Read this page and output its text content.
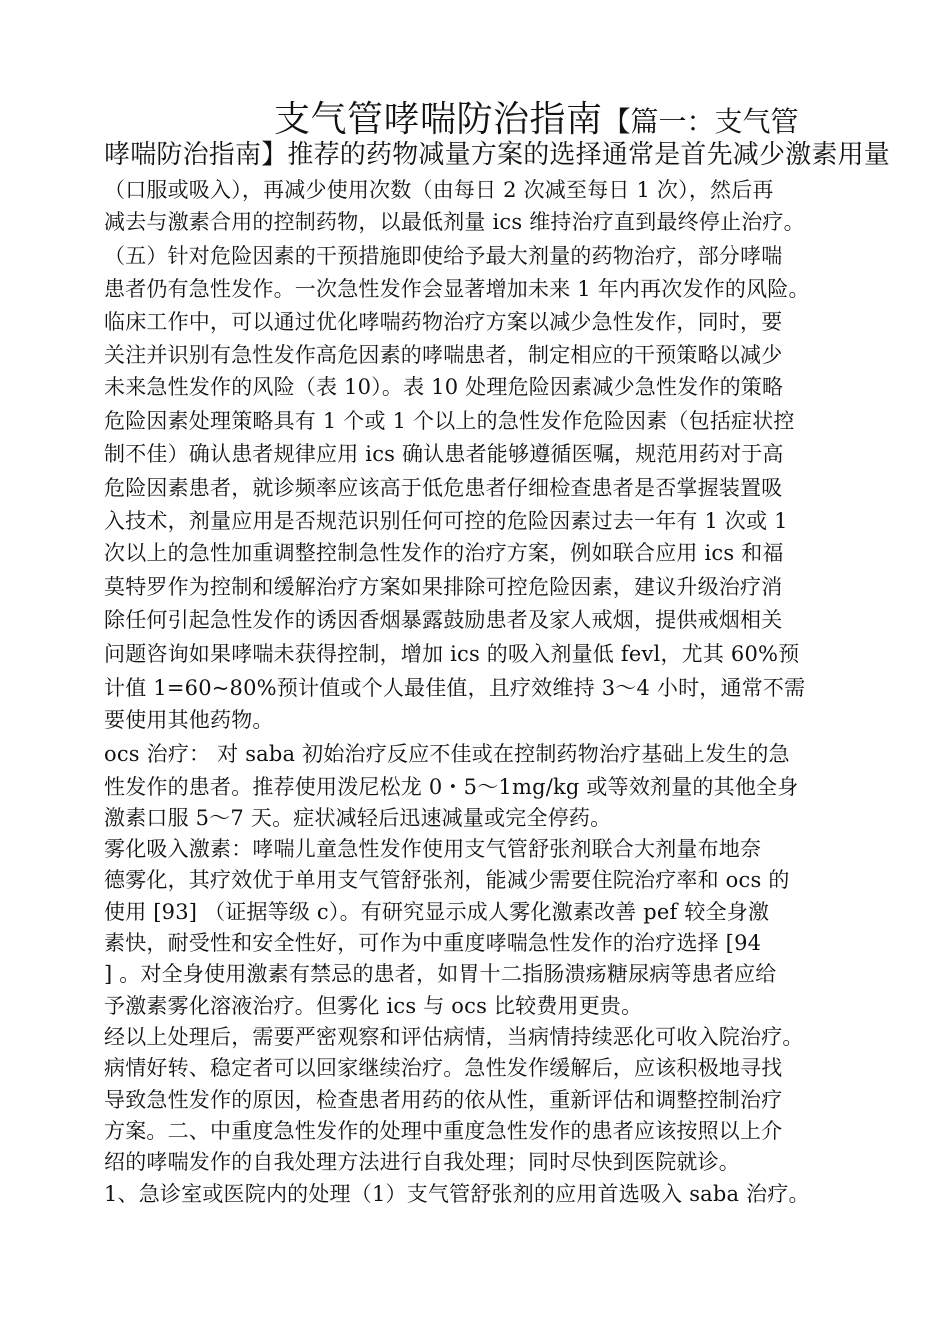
支气管哮喘防治指南【篇一：支气管
哮喘防治指南】推荐的药物减量方案的选择通常是首先减少激素用量
（口服或吸入），再减少使用次数（由每日 2 次减至每日 1 次），然后再
减去与激素合用的控制药物，以最低剂量 ics 维持治疗直到最终停止治疗。
（五）针对危险因素的干预措施即使给予最大剂量的药物治疗，部分哮喘
患者仍有急性发作。一次急性发作会显著增加未来 1 年内再次发作的风险。
临床工作中，可以通过优化哮喘药物治疗方案以减少急性发作，同时，要
关注并识别有急性发作高危因素的哮喘患者，制定相应的干预策略以减少
未来急性发作的风险（表 10）。表 10 处理危险因素减少急性发作的策略
危险因素处理策略具有 1 个或 1 个以上的急性发作危险因素（包括症状控
制不佳）确认患者规律应用 ics 确认患者能够遵循医嘱，规范用药对于高
危险因素患者，就诊频率应该高于低危患者仔细检查患者是否掌握装置吸
入技术，剂量应用是否规范识别任何可控的危险因素过去一年有 1 次或 1
次以上的急性加重调整控制急性发作的治疗方案，例如联合应用 ics 和福
莫特罗作为控制和缓解治疗方案如果排除可控危险因素，建议升级治疗消
除任何引起急性发作的诱因香烟暴露鼓励患者及家人戒烟，提供戒烟相关
问题咨询如果哮喘未获得控制，增加 ics 的吸入剂量低 fevl，尤其 60%预
计值 1=60~80%预计值或个人最佳值，且疗效维持 3～4 小时，通常不需
要使用其他药物。
ocs 治疗： 对 saba 初始治疗反应不佳或在控制药物治疗基础上发生的急
性发作的患者。推荐使用泼尼松龙 0・5～1mg/kg 或等效剂量的其他全身
激素口服 5～7 天。症状减轻后迅速减量或完全停药。
雾化吸入激素：哮喘儿童急性发作使用支气管舒张剂联合大剂量布地奈
德雾化，其疗效优于单用支气管舒张剂，能减少需要住院治疗率和 ocs 的
使用 [93] （证据等级 c）。有研究显示成人雾化激素改善 pef 较全身激
素快，耐受性和安全性好，可作为中重度哮喘急性发作的治疗选择 [94
] 。对全身使用激素有禁忌的患者，如胃十二指肠溃疡糖尿病等患者应给
予激素雾化溶液治疗。但雾化 ics 与 ocs 比较费用更贵。
经以上处理后，需要严密观察和评估病情，当病情持续恶化可收入院治疗。
病情好转、稳定者可以回家继续治疗。急性发作缓解后，应该积极地寻找
导致急性发作的原因，检查患者用药的依从性，重新评估和调整控制治疗
方案。二、中重度急性发作的处理中重度急性发作的患者应该按照以上介
绍的哮喘发作的自我处理方法进行自我处理；同时尽快到医院就诊。
1、急诊室或医院内的处理（1）支气管舒张剂的应用首选吸入 saba 治疗。
